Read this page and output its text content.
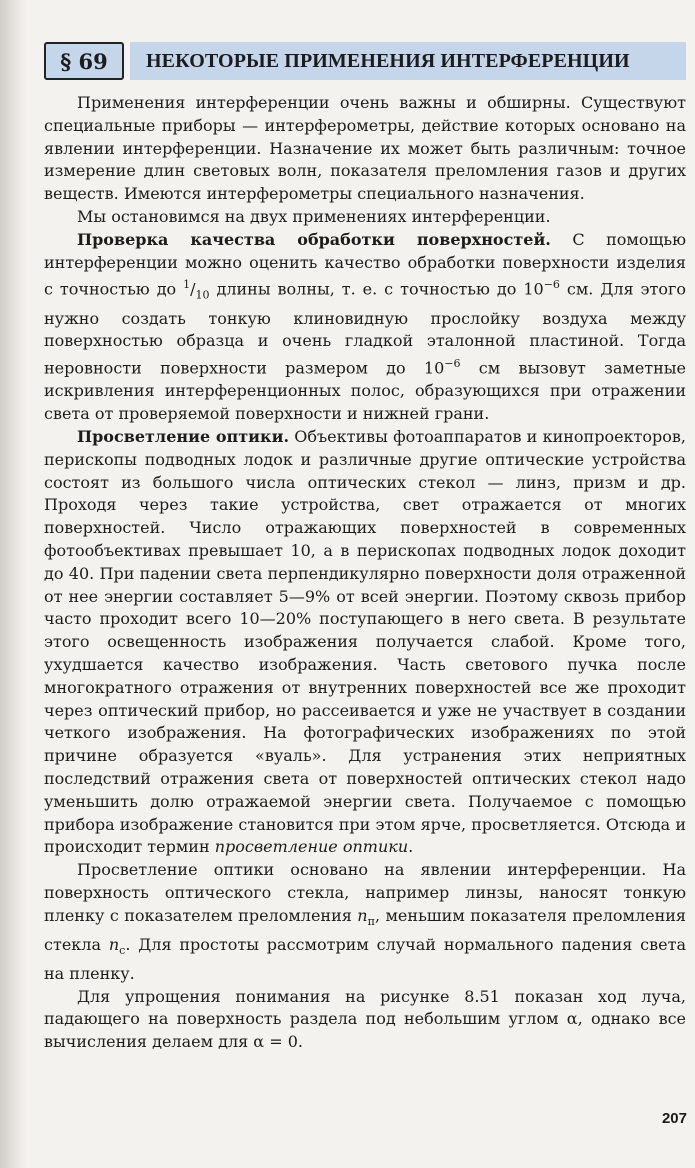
§ 69	НЕКОТОРЫЕ ПРИМЕНЕНИЯ ИНТЕРФЕРЕНЦИИ

Применения интерференции очень важны и обширны. Существуют специальные приборы — интерферометры, действие которых основано на явлении интерференции. Назначение их может быть различным: точное измерение длин световых волн, показателя преломления газов и других веществ. Имеются интерферометры специального назначения.

Мы остановимся на двух применениях интерференции.

Проверка качества обработки поверхностей. С помощью интерференции можно оценить качество обработки поверхности изделия с точностью до $^1/_{10}$ длины волны, т. е. с точностью до $10^{-6}$ см. Для этого нужно создать тонкую клиновидную прослойку воздуха между поверхностью образца и очень гладкой эталонной пластиной. Тогда неровности поверхности размером до $10^{-6}$ см вызовут заметные искривления интерференционных полос, образующихся при отражении света от проверяемой поверхности и нижней грани.

Просветление оптики. Объективы фотоаппаратов и кинопроекторов, перископы подводных лодок и различные другие оптические устройства состоят из большого числа оптических стекол — линз, призм и др. Проходя через такие устройства, свет отражается от многих поверхностей. Число отражающих поверхностей в современных фотообъективах превышает 10, а в перископах подводных лодок доходит до 40. При падении света перпендикулярно поверхности доля отраженной от нее энергии составляет 5—9% от всей энергии. Поэтому сквозь прибор часто проходит всего 10—20% поступающего в него света. В результате этого освещенность изображения получается слабой. Кроме того, ухудшается качество изображения. Часть светового пучка после многократного отражения от внутренних поверхностей все же проходит через оптический прибор, но рассеивается и уже не участвует в создании четкого изображения. На фотографических изображениях по этой причине образуется «вуаль». Для устранения этих неприятных последствий отражения света от поверхностей оптических стекол надо уменьшить долю отражаемой энергии света. Получаемое с помощью прибора изображение становится при этом ярче, просветляется. Отсюда и происходит термин просветление оптики.

Просветление оптики основано на явлении интерференции. На поверхность оптического стекла, например линзы, наносят тонкую пленку с показателем преломления $n_п$, меньшим показателя преломления стекла $n_с$. Для простоты рассмотрим случай нормального падения света на пленку.

Для упрощения понимания на рисунке 8.51 показан ход луча, падающего на поверхность раздела под небольшим углом α, однако все вычисления делаем для α = 0.

207
